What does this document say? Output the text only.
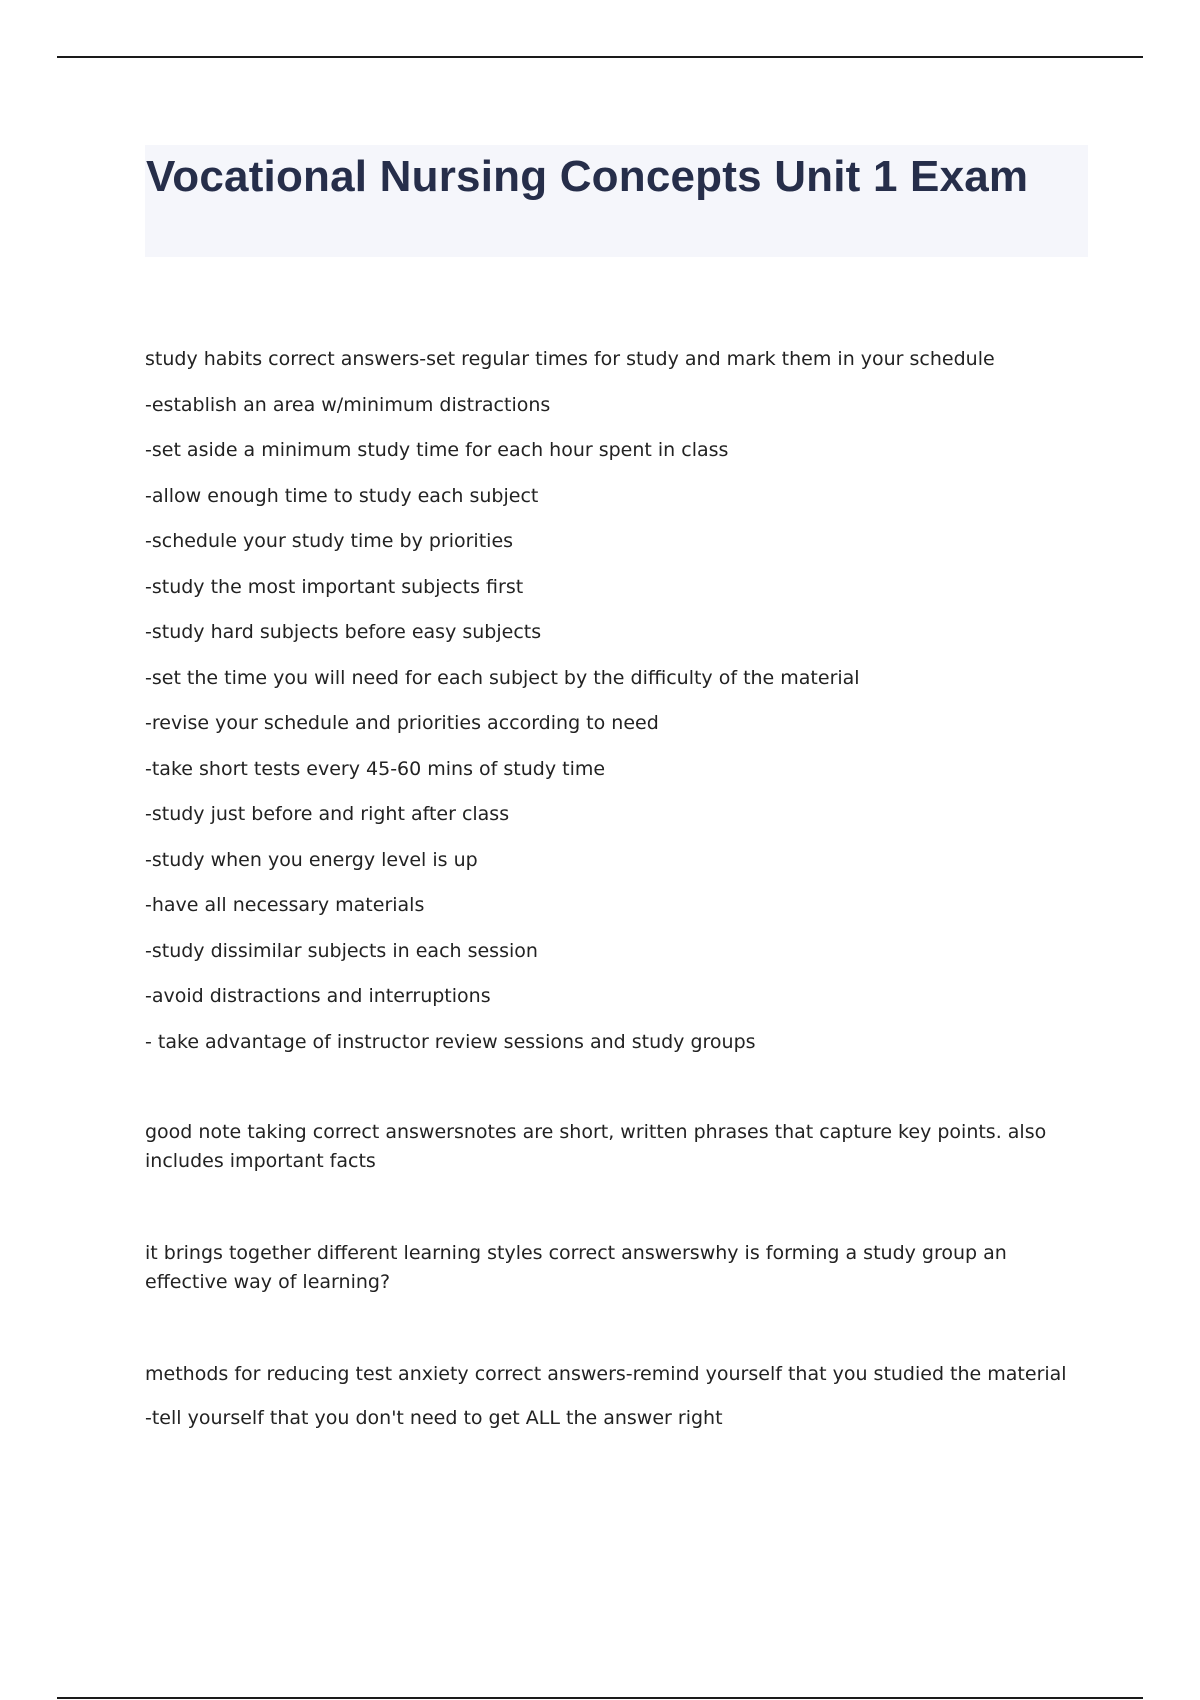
Vocational Nursing Concepts Unit 1 Exam
study habits correct answers-set regular times for study and mark them in your schedule
-establish an area w/minimum distractions
-set aside a minimum study time for each hour spent in class
-allow enough time to study each subject
-schedule your study time by priorities
-study the most important subjects first
-study hard subjects before easy subjects
-set the time you will need for each subject by the difficulty of the material
-revise your schedule and priorities according to need
-take short tests every 45-60 mins of study time
-study just before and right after class
-study when you energy level is up
-have all necessary materials
-study dissimilar subjects in each session
-avoid distractions and interruptions
- take advantage of instructor review sessions and study groups
good note taking correct answersnotes are short, written phrases that capture key points. also includes important facts
it brings together different learning styles correct answerswhy is forming a study group an effective way of learning?
methods for reducing test anxiety correct answers-remind yourself that you studied the material
-tell yourself that you don't need to get ALL the answer right
